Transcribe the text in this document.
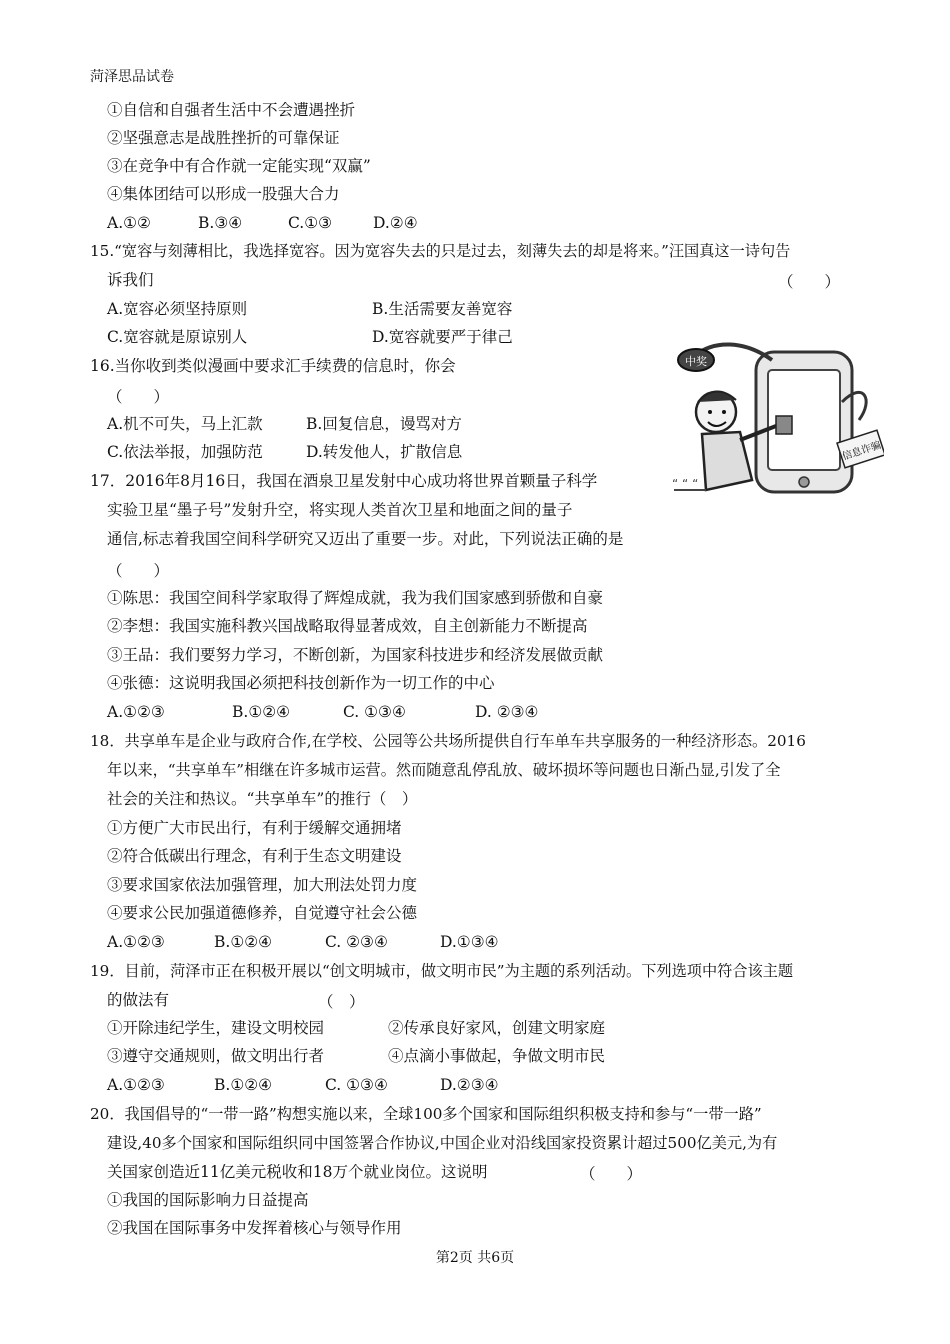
菏泽思品试卷
①自信和自强者生活中不会遭遇挫折
②坚强意志是战胜挫折的可靠保证
③在竞争中有合作就一定能实现“双赢”
④集体团结可以形成一股强大合力
A.①②	B.③④	C.①③	D.②④
15.“宽容与刻薄相比，我选择宽容。因为宽容失去的只是过去，刻薄失去的却是将来。”汪国真这一诗句告
诉我们	（　　）
A.宽容必须坚持原则	B.生活需要友善宽容
C.宽容就是原谅别人	D.宽容就要严于律己
16.当你收到类似漫画中要求汇手续费的信息时，你会
（　　）
A.机不可失，马上汇款	B.回复信息，谩骂对方
C.依法举报，加强防范	D.转发他人，扩散信息
中奖
“ “ “
信息诈骗
17．2016年8月16日，我国在酒泉卫星发射中心成功将世界首颗量子科学
实验卫星“墨子号”发射升空，将实现人类首次卫星和地面之间的量子
通信,标志着我国空间科学研究又迈出了重要一步。对此，下列说法正确的是
（　　）
①陈思：我国空间科学家取得了辉煌成就，我为我们国家感到骄傲和自豪
②李想：我国实施科教兴国战略取得显著成效，自主创新能力不断提高
③王品：我们要努力学习，不断创新，为国家科技进步和经济发展做贡献
④张德：这说明我国必须把科技创新作为一切工作的中心
A.①②③	B.①②④	C. ①③④	D. ②③④
18．共享单车是企业与政府合作,在学校、公园等公共场所提供自行车单车共享服务的一种经济形态。2016
年以来，“共享单车”相继在许多城市运营。然而随意乱停乱放、破坏损坏等问题也日渐凸显,引发了全
社会的关注和热议。“共享单车”的推行（　）
①方便广大市民出行，有利于缓解交通拥堵
②符合低碳出行理念，有利于生态文明建设
③要求国家依法加强管理，加大刑法处罚力度
④要求公民加强道德修养，自觉遵守社会公德
A.①②③	B.①②④	C. ②③④	D.①③④
19．目前，菏泽市正在积极开展以“创文明城市，做文明市民”为主题的系列活动。下列选项中符合该主题
的做法有	（　）
①开除违纪学生，建设文明校园	②传承良好家风，创建文明家庭
③遵守交通规则，做文明出行者	④点滴小事做起，争做文明市民
A.①②③	B.①②④	C. ①③④	D.②③④
20．我国倡导的“一带一路”构想实施以来，全球100多个国家和国际组织积极支持和参与“一带一路”
建设,40多个国家和国际组织同中国签署合作协议,中国企业对沿线国家投资累计超过500亿美元,为有
关国家创造近11亿美元税收和18万个就业岗位。这说明	（　　）
①我国的国际影响力日益提高
②我国在国际事务中发挥着核心与领导作用
第2页 共6页
